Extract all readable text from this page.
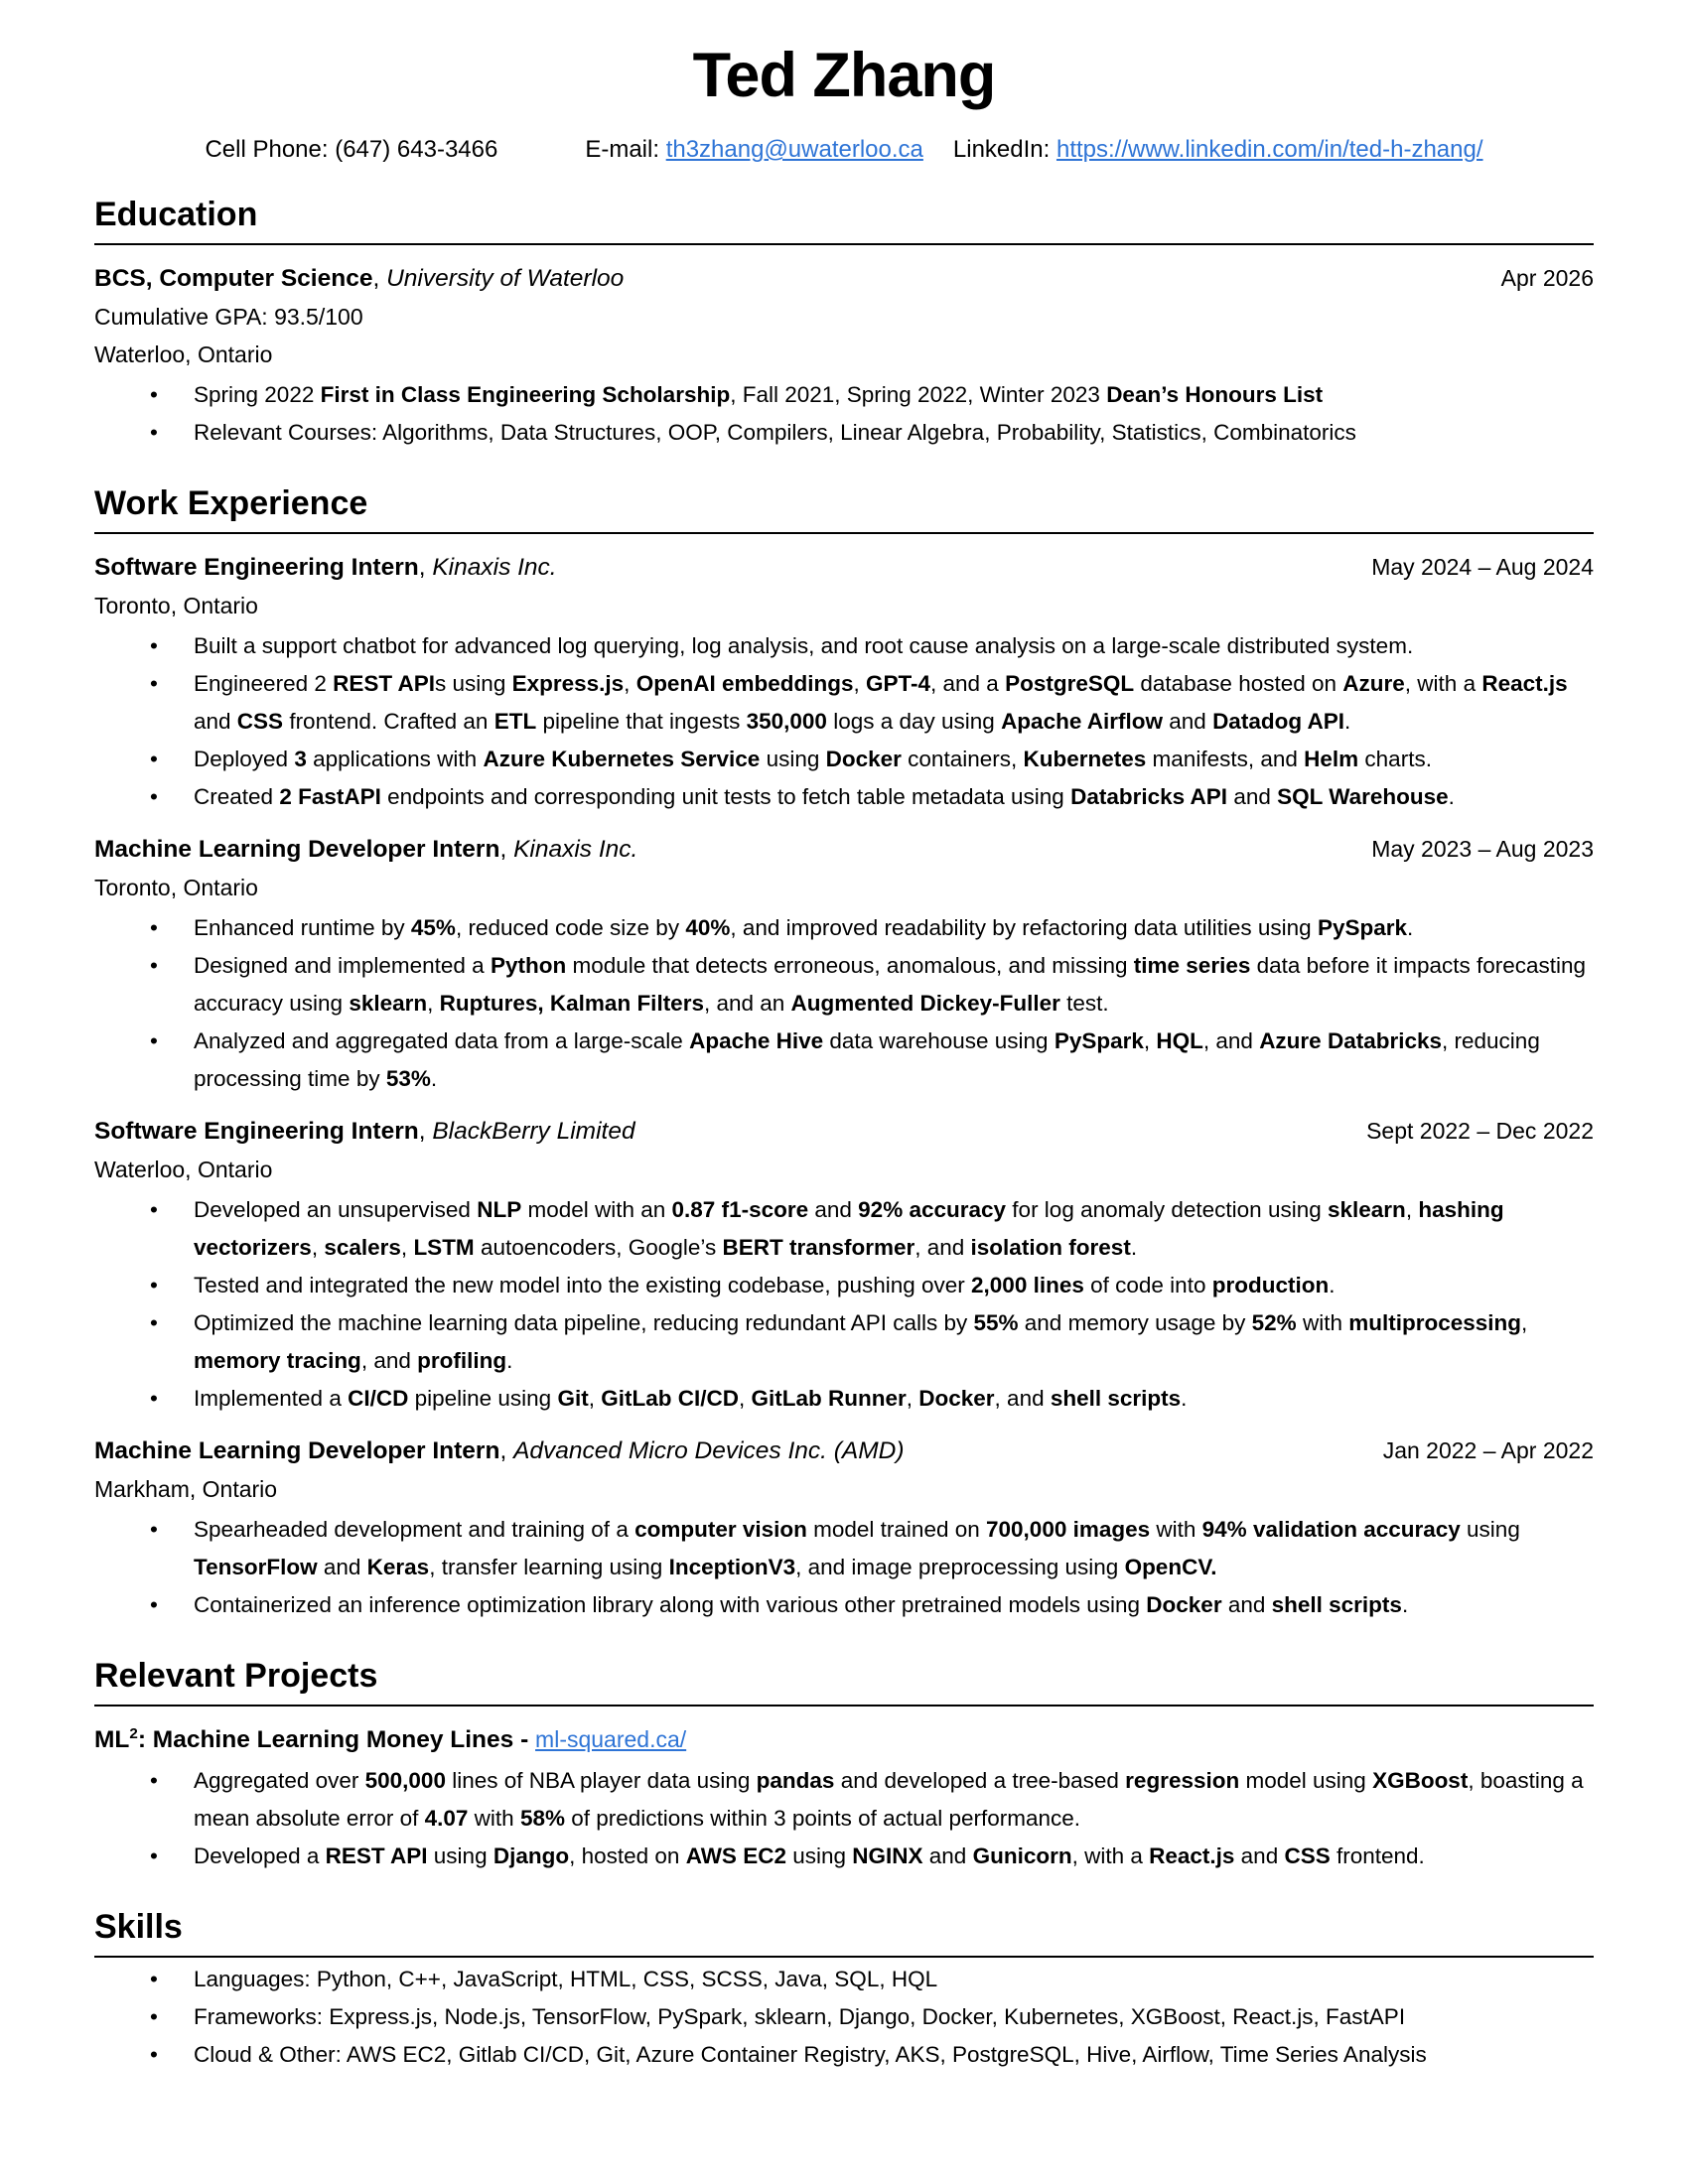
Ted Zhang
Cell Phone: (647) 643-3466	E-mail: th3zhang@uwaterloo.ca LinkedIn: https://www.linkedin.com/in/ted-h-zhang/
Education
BCS, Computer Science, University of Waterloo	Apr 2026
Cumulative GPA: 93.5/100
Waterloo, Ontario
• Spring 2022 First in Class Engineering Scholarship, Fall 2021, Spring 2022, Winter 2023 Dean’s Honours List
• Relevant Courses: Algorithms, Data Structures, OOP, Compilers, Linear Algebra, Probability, Statistics, Combinatorics
Work Experience
Software Engineering Intern, Kinaxis Inc.	May 2024 – Aug 2024
Toronto, Ontario
• Built a support chatbot for advanced log querying, log analysis, and root cause analysis on a large-scale distributed system.
• Engineered 2 REST APIs using Express.js, OpenAI embeddings, GPT-4, and a PostgreSQL database hosted on Azure, with a React.js and CSS frontend. Crafted an ETL pipeline that ingests 350,000 logs a day using Apache Airflow and Datadog API.
• Deployed 3 applications with Azure Kubernetes Service using Docker containers, Kubernetes manifests, and Helm charts.
• Created 2 FastAPI endpoints and corresponding unit tests to fetch table metadata using Databricks API and SQL Warehouse.
Machine Learning Developer Intern, Kinaxis Inc.	May 2023 – Aug 2023
Toronto, Ontario
• Enhanced runtime by 45%, reduced code size by 40%, and improved readability by refactoring data utilities using PySpark.
• Designed and implemented a Python module that detects erroneous, anomalous, and missing time series data before it impacts forecasting accuracy using sklearn, Ruptures, Kalman Filters, and an Augmented Dickey-Fuller test.
• Analyzed and aggregated data from a large-scale Apache Hive data warehouse using PySpark, HQL, and Azure Databricks, reducing processing time by 53%.
Software Engineering Intern, BlackBerry Limited	Sept 2022 – Dec 2022
Waterloo, Ontario
• Developed an unsupervised NLP model with an 0.87 f1-score and 92% accuracy for log anomaly detection using sklearn, hashing vectorizers, scalers, LSTM autoencoders, Google’s BERT transformer, and isolation forest.
• Tested and integrated the new model into the existing codebase, pushing over 2,000 lines of code into production.
• Optimized the machine learning data pipeline, reducing redundant API calls by 55% and memory usage by 52% with multiprocessing, memory tracing, and profiling.
• Implemented a CI/CD pipeline using Git, GitLab CI/CD, GitLab Runner, Docker, and shell scripts.
Machine Learning Developer Intern, Advanced Micro Devices Inc. (AMD)	Jan 2022 – Apr 2022
Markham, Ontario
• Spearheaded development and training of a computer vision model trained on 700,000 images with 94% validation accuracy using TensorFlow and Keras, transfer learning using InceptionV3, and image preprocessing using OpenCV.
• Containerized an inference optimization library along with various other pretrained models using Docker and shell scripts.
Relevant Projects
$ML^2$: Machine Learning Money Lines - ml-squared.ca/
• Aggregated over 500,000 lines of NBA player data using pandas and developed a tree-based regression model using XGBoost, boasting a mean absolute error of 4.07 with 58% of predictions within 3 points of actual performance.
• Developed a REST API using Django, hosted on AWS EC2 using NGINX and Gunicorn, with a React.js and CSS frontend.
Skills
• Languages: Python, C++, JavaScript, HTML, CSS, SCSS, Java, SQL, HQL
• Frameworks: Express.js, Node.js, TensorFlow, PySpark, sklearn, Django, Docker, Kubernetes, XGBoost, React.js, FastAPI
• Cloud & Other: AWS EC2, Gitlab CI/CD, Git, Azure Container Registry, AKS, PostgreSQL, Hive, Airflow, Time Series Analysis
